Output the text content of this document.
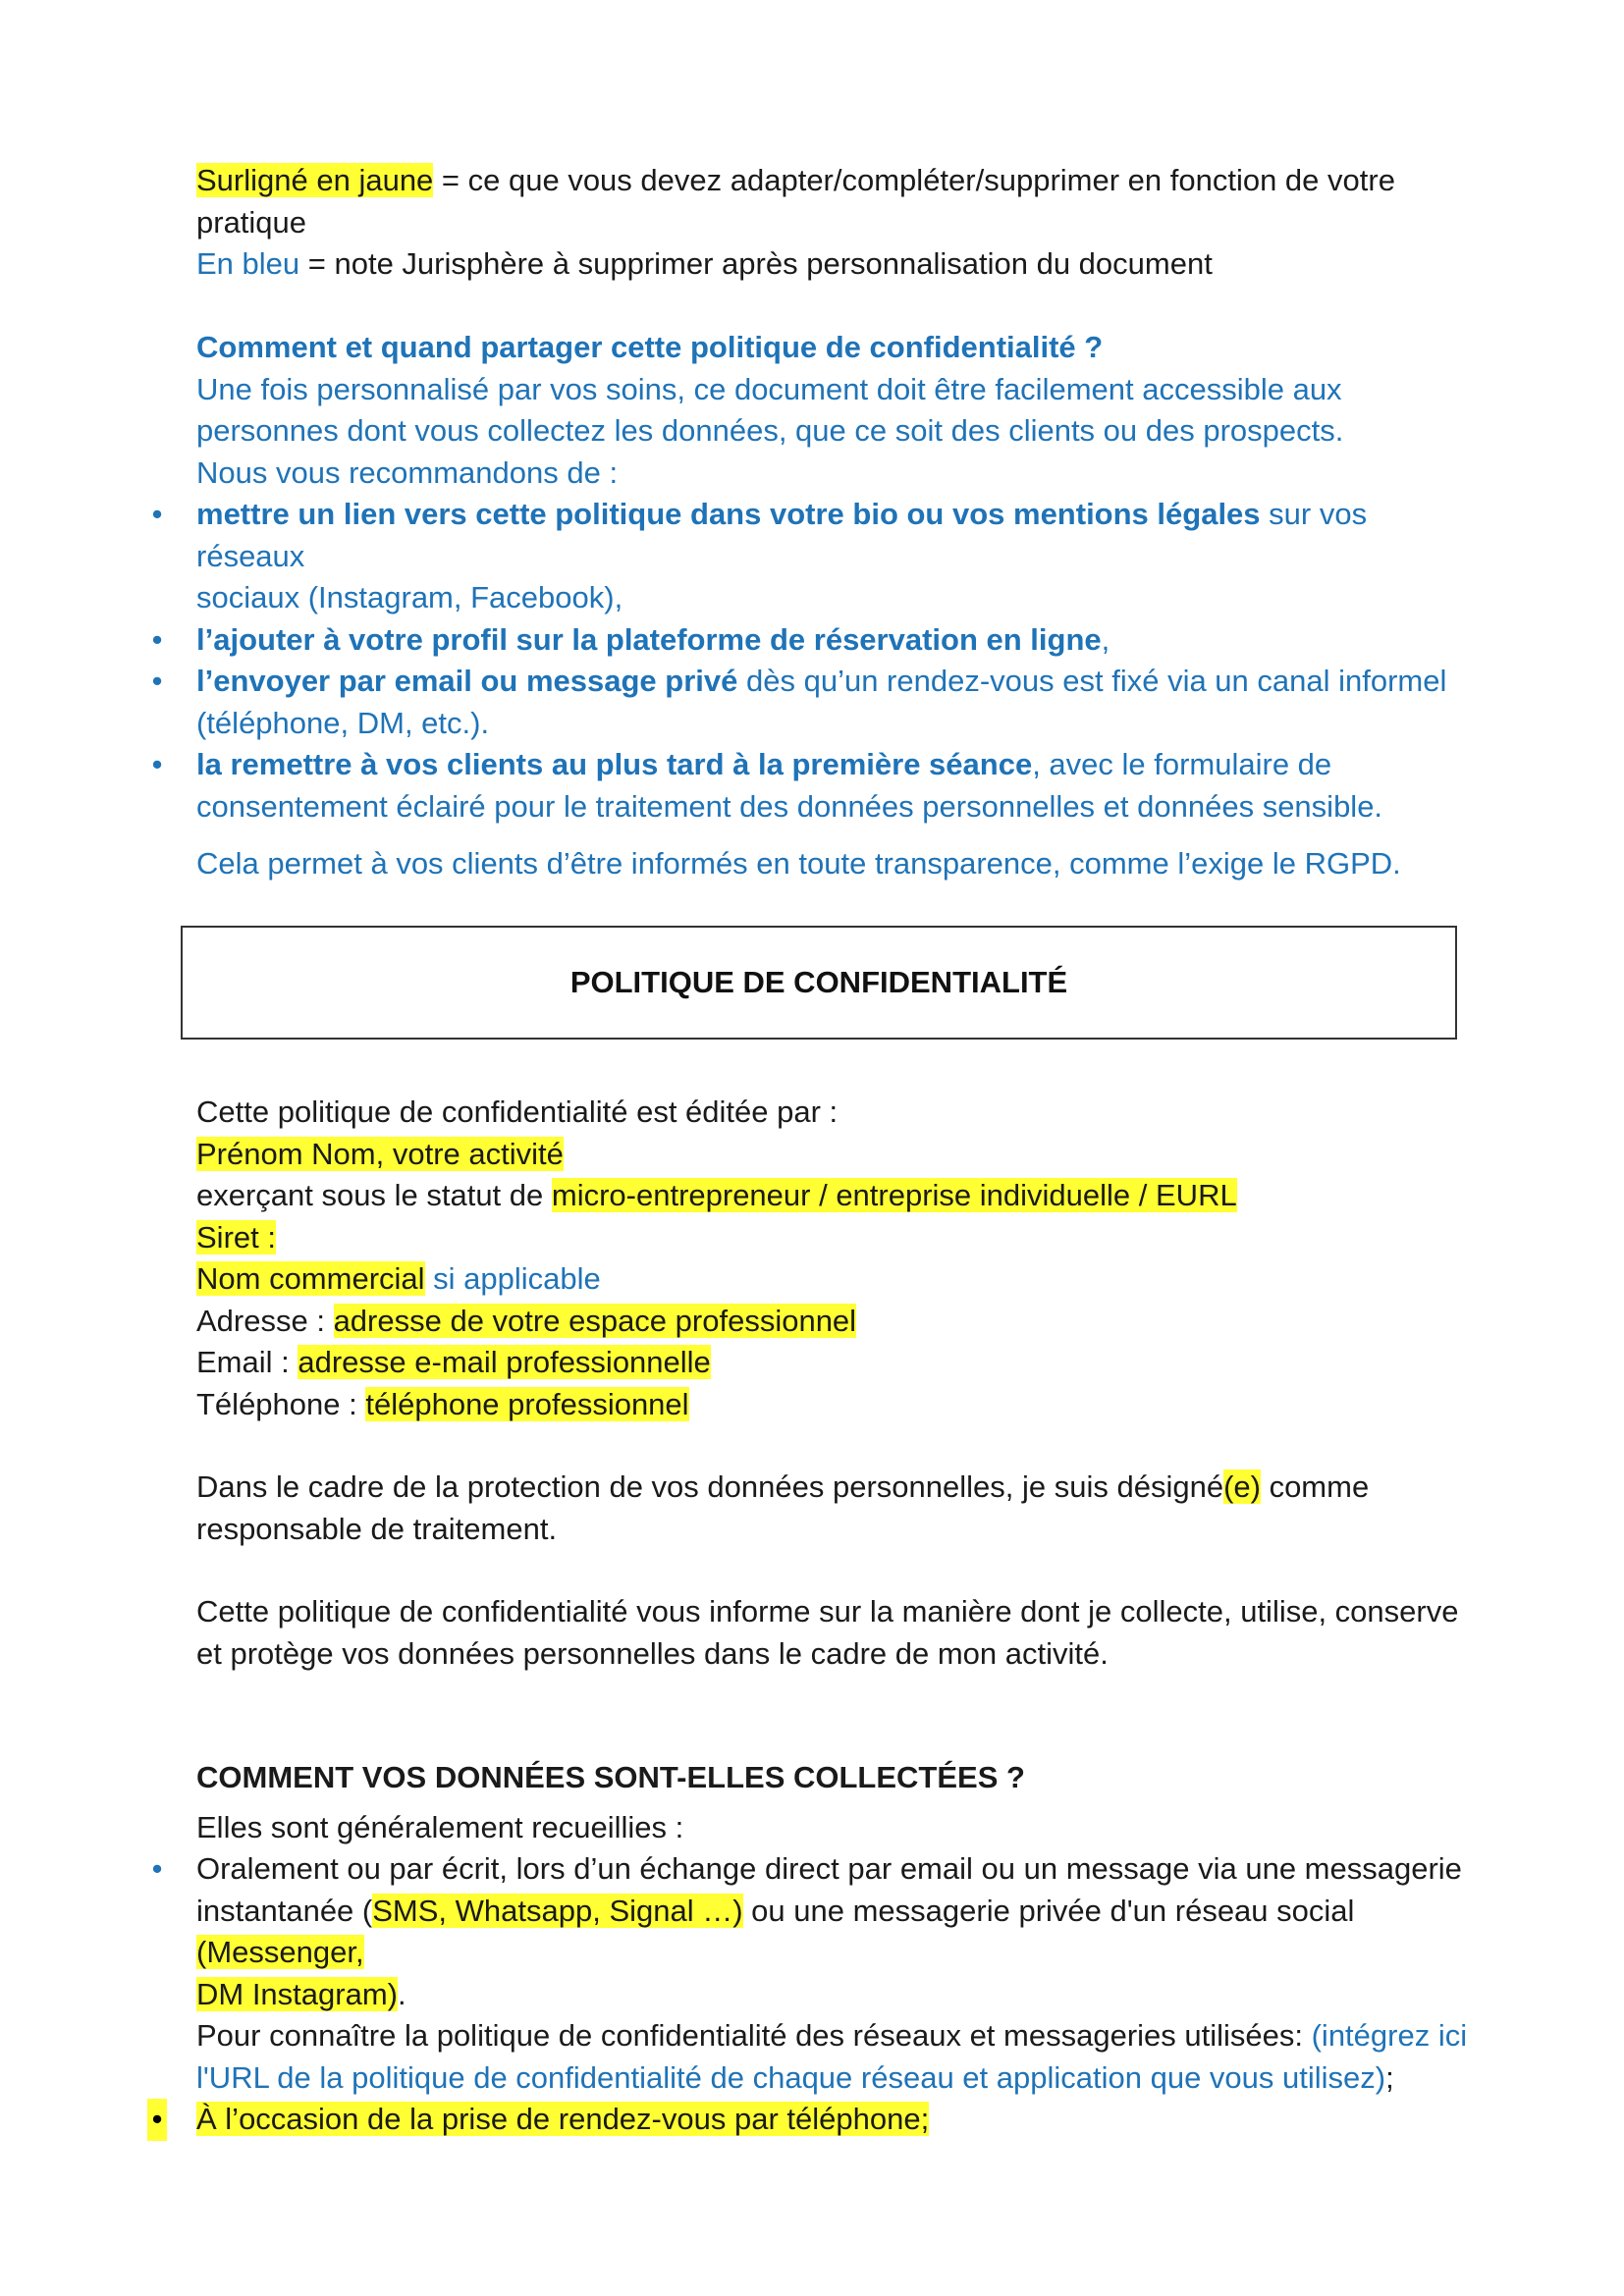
Surligné en jaune = ce que vous devez adapter/compléter/supprimer en fonction de votre

pratique

En bleu = note Jurisphère à supprimer après personnalisation du document

Comment et quand partager cette politique de confidentialité ?

Une fois personnalisé par vos soins, ce document doit être facilement accessible aux

personnes dont vous collectez les données, que ce soit des clients ou des prospects.

Nous vous recommandons de :

• mettre un lien vers cette politique dans votre bio ou vos mentions légales sur vos réseaux

sociaux (Instagram, Facebook),

• l’ajouter à votre profil sur la plateforme de réservation en ligne,

• l’envoyer par email ou message privé dès qu’un rendez-vous est fixé via un canal informel

(téléphone, DM, etc.).

• la remettre à vos clients au plus tard à la première séance, avec le formulaire de

consentement éclairé pour le traitement des données personnelles et données sensible.

Cela permet à vos clients d’être informés en toute transparence, comme l’exige le RGPD.

POLITIQUE DE CONFIDENTIALITÉ

Cette politique de confidentialité est éditée par :

Prénom Nom, votre activité

exerçant sous le statut de micro-entrepreneur / entreprise individuelle / EURL

Siret :

Nom commercial si applicable

Adresse : adresse de votre espace professionnel

Email : adresse e-mail professionnelle

Téléphone : téléphone professionnel

Dans le cadre de la protection de vos données personnelles, je suis désigné(e) comme

responsable de traitement.

Cette politique de confidentialité vous informe sur la manière dont je collecte, utilise, conserve

et protège vos données personnelles dans le cadre de mon activité.

COMMENT VOS DONNÉES SONT-ELLES COLLECTÉES ?

Elles sont généralement recueillies :

• Oralement ou par écrit, lors d’un échange direct par email ou un message via une messagerie

instantanée (SMS, Whatsapp, Signal …) ou une messagerie privée d'un réseau social (Messenger,

DM Instagram).

Pour connaître la politique de confidentialité des réseaux et messageries utilisées: (intégrez ici

l'URL de la politique de confidentialité de chaque réseau et application que vous utilisez);

• À l’occasion de la prise de rendez-vous par téléphone;
